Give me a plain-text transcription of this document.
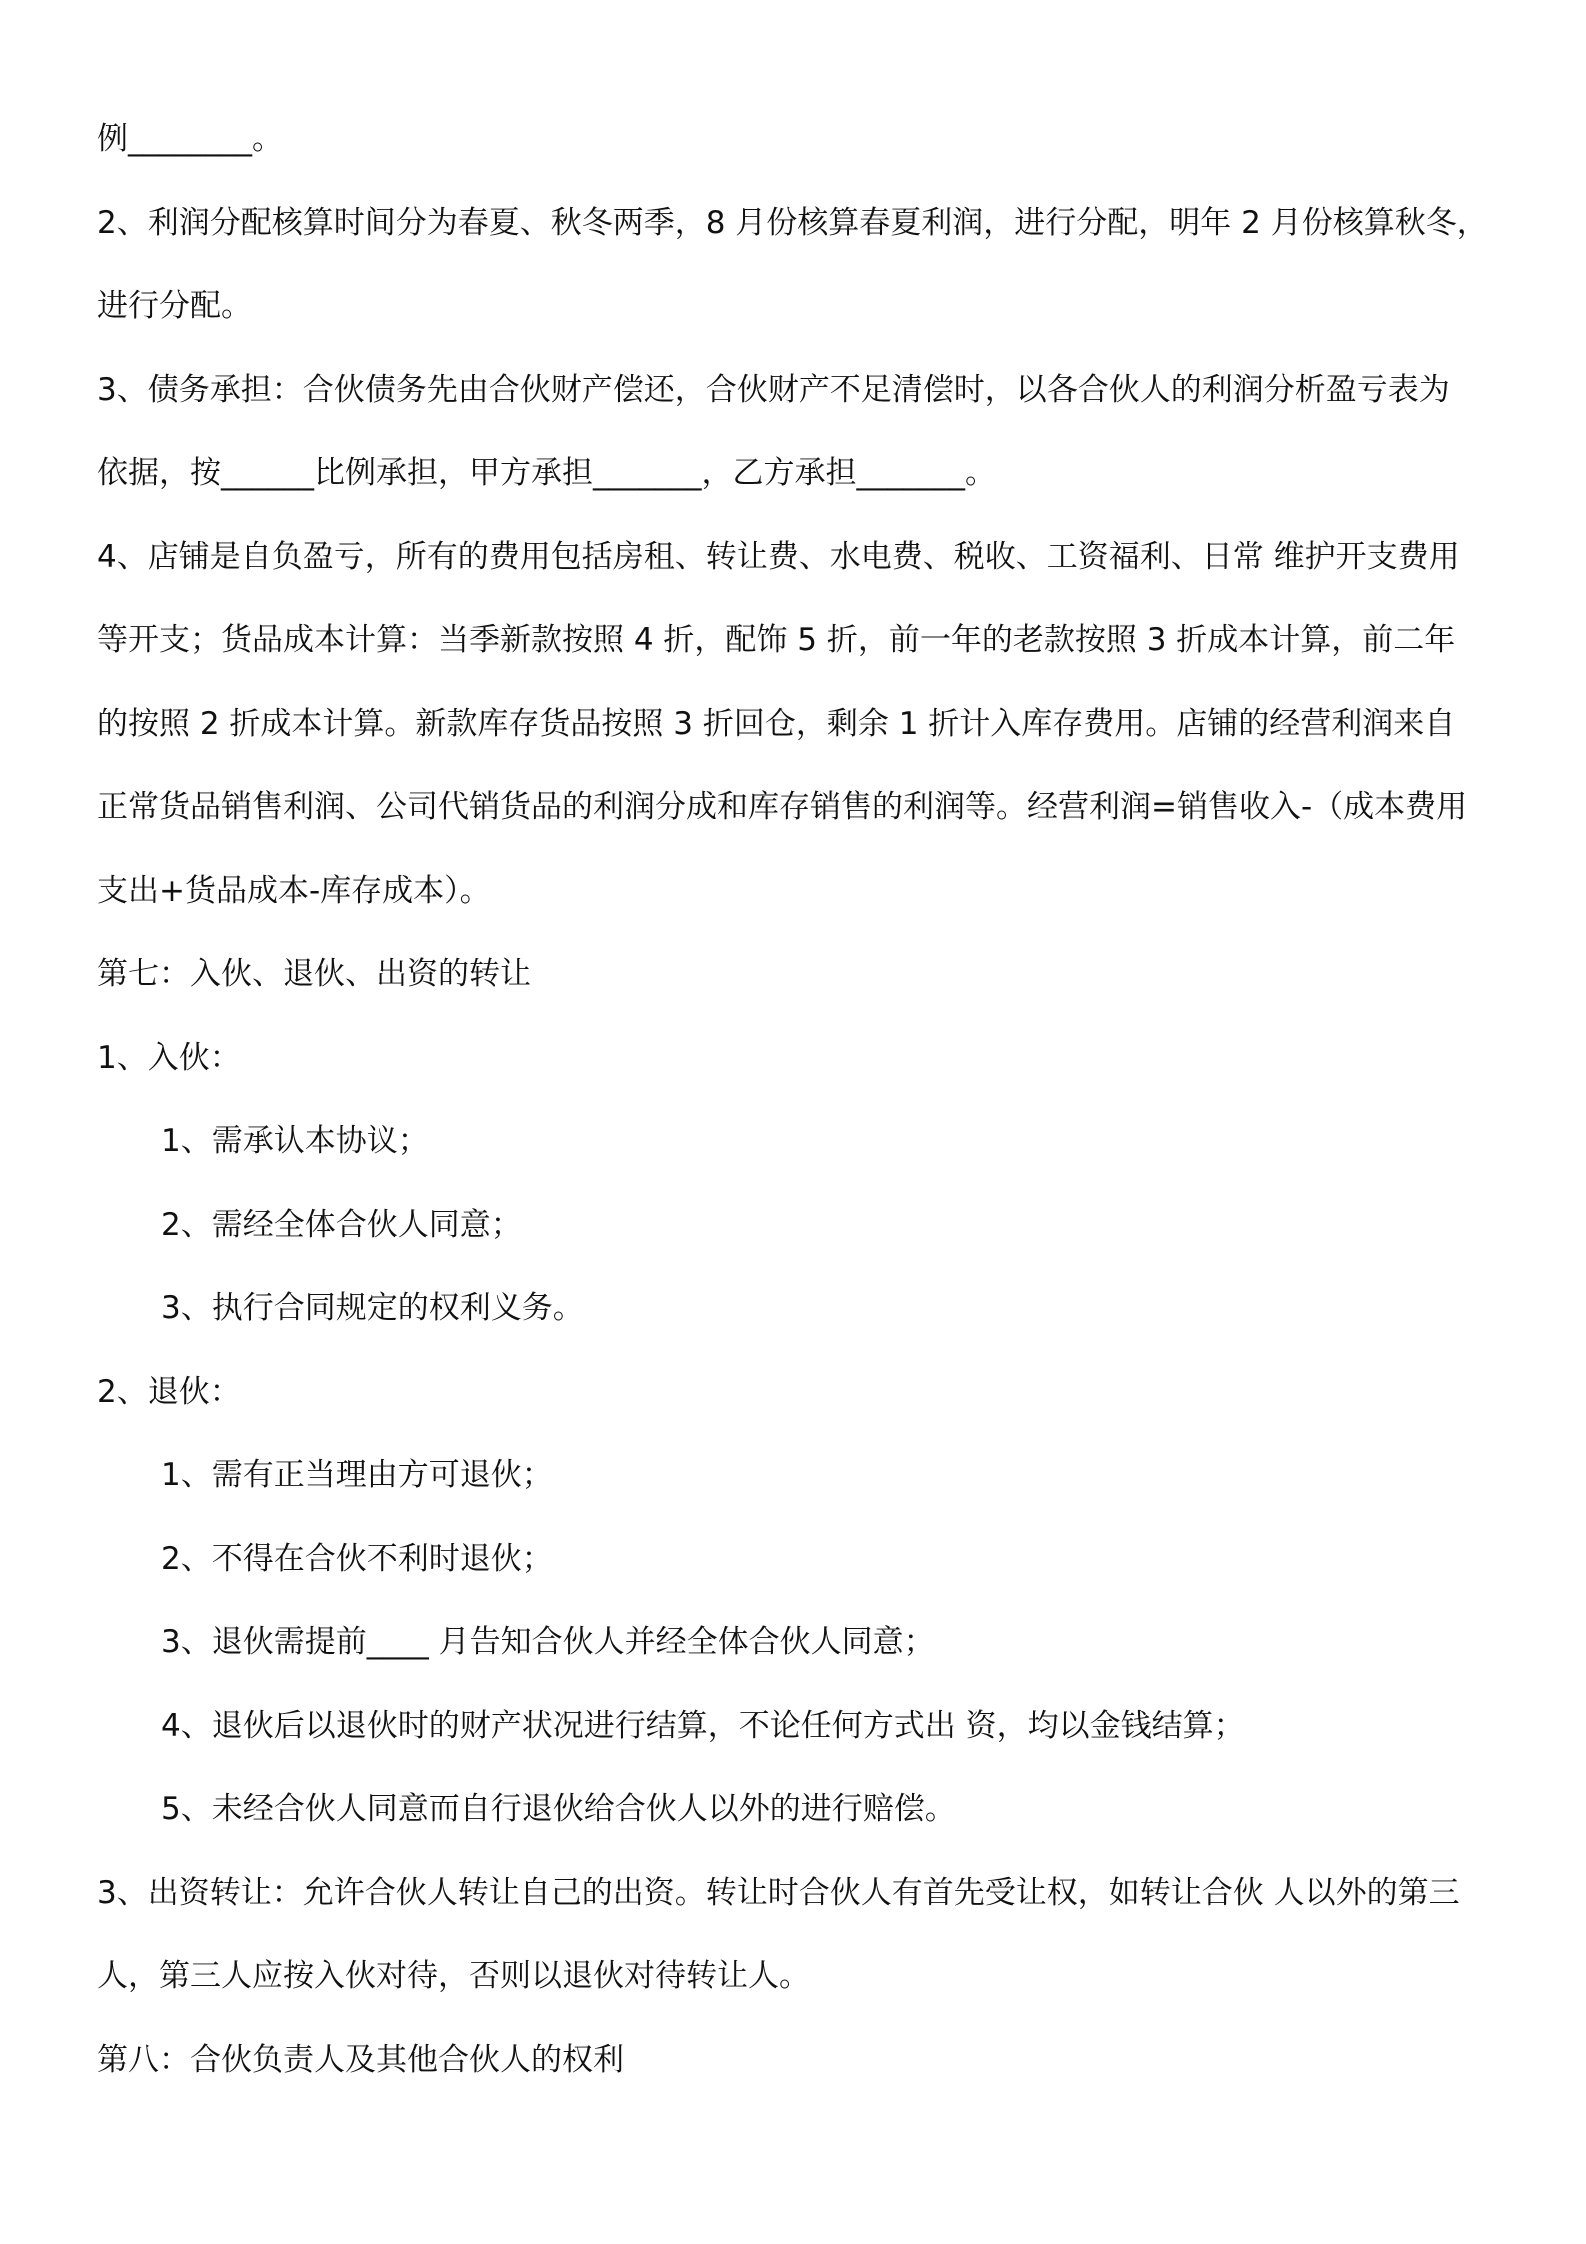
例________。

2、利润分配核算时间分为春夏、秋冬两季，8 月份核算春夏利润，进行分配，明年 2 月份核算秋冬，

进行分配。

3、债务承担：合伙债务先由合伙财产偿还，合伙财产不足清偿时，以各合伙人的利润分析盈亏表为

依据，按______比例承担，甲方承担_______，乙方承担_______。

4、店铺是自负盈亏，所有的费用包括房租、转让费、水电费、税收、工资福利、日常 维护开支费用

等开支；货品成本计算：当季新款按照 4 折，配饰 5 折，前一年的老款按照 3 折成本计算，前二年

的按照 2 折成本计算。新款库存货品按照 3 折回仓，剩余 1 折计入库存费用。店铺的经营利润来自

正常货品销售利润、公司代销货品的利润分成和库存销售的利润等。经营利润=销售收入-（成本费用

支出+货品成本-库存成本）。

第七：入伙、退伙、出资的转让

1、入伙：

1、需承认本协议；

2、需经全体合伙人同意；

3、执行合同规定的权利义务。

2、退伙：

1、需有正当理由方可退伙；

2、不得在合伙不利时退伙；

3、退伙需提前____ 月告知合伙人并经全体合伙人同意；

4、退伙后以退伙时的财产状况进行结算，不论任何方式出 资，均以金钱结算；

5、未经合伙人同意而自行退伙给合伙人以外的进行赔偿。

3、出资转让：允许合伙人转让自己的出资。转让时合伙人有首先受让权，如转让合伙 人以外的第三

人，第三人应按入伙对待，否则以退伙对待转让人。

第八：合伙负责人及其他合伙人的权利
